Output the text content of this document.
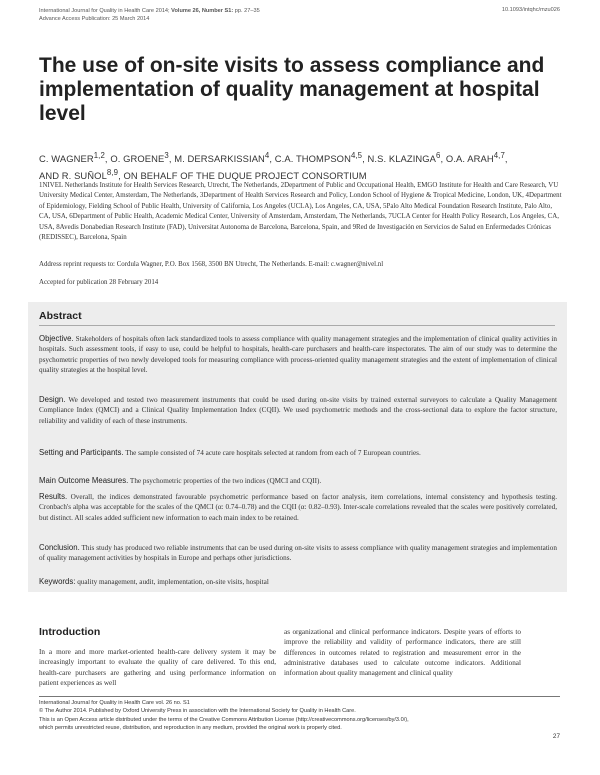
International Journal for Quality in Health Care 2014; Volume 26, Number S1: pp. 27–35
Advance Access Publication: 25 March 2014
10.1093/intqhc/mzu026
The use of on-site visits to assess compliance and implementation of quality management at hospital level
C. WAGNER$^{1,2}$, O. GROENE$^3$, M. DERSARKISSIAN$^4$, C.A. THOMPSON$^{4,5}$, N.S. KLAZINGA$^6$, O.A. ARAH$^{4,7}$,
AND R. SUÑOL$^{8,9}$, ON BEHALF OF THE DUQUE PROJECT CONSORTIUM
1NIVEL Netherlands Institute for Health Services Research, Utrecht, The Netherlands, 2Department of Public and Occupational Health, EMGO Institute for Health and Care Research, VU University Medical Center, Amsterdam, The Netherlands, 3Department of Health Services Research and Policy, London School of Hygiene & Tropical Medicine, London, UK, 4Department of Epidemiology, Fielding School of Public Health, University of California, Los Angeles (UCLA), Los Angeles, CA, USA, 5Palo Alto Medical Foundation Research Institute, Palo Alto, CA, USA, 6Department of Public Health, Academic Medical Center, University of Amsterdam, Amsterdam, The Netherlands, 7UCLA Center for Health Policy Research, Los Angeles, CA, USA, 8Avedis Donabedian Research Institute (FAD), Universitat Autonoma de Barcelona, Barcelona, Spain, and 9Red de Investigación en Servicios de Salud en Enfermedades Crónicas (REDISSEC), Barcelona, Spain
Address reprint requests to: Cordula Wagner, P.O. Box 1568, 3500 BN Utrecht, The Netherlands. E-mail: c.wagner@nivel.nl
Accepted for publication 28 February 2014
Abstract
Objective. Stakeholders of hospitals often lack standardized tools to assess compliance with quality management strategies and the implementation of clinical quality activities in hospitals. Such assessment tools, if easy to use, could be helpful to hospitals, health-care purchasers and health-care inspectorates. The aim of our study was to determine the psychometric properties of two newly developed tools for measuring compliance with process-oriented quality management strategies and the extent of implementation of clinical quality strategies at the hospital level.
Design. We developed and tested two measurement instruments that could be used during on-site visits by trained external surveyors to calculate a Quality Management Compliance Index (QMCI) and a Clinical Quality Implementation Index (CQII). We used psychometric methods and the cross-sectional data to explore the factor structure, reliability and validity of each of these instruments.
Setting and Participants. The sample consisted of 74 acute care hospitals selected at random from each of 7 European countries.
Main Outcome Measures. The psychometric properties of the two indices (QMCI and CQII).
Results. Overall, the indices demonstrated favourable psychometric performance based on factor analysis, item correlations, internal consistency and hypothesis testing. Cronbach's alpha was acceptable for the scales of the QMCI (α: 0.74–0.78) and the CQII (α: 0.82–0.93). Inter-scale correlations revealed that the scales were positively correlated, but distinct. All scales added sufficient new information to each main index to be retained.
Conclusion. This study has produced two reliable instruments that can be used during on-site visits to assess compliance with quality management strategies and implementation of quality management activities by hospitals in Europe and perhaps other jurisdictions.
Keywords: quality management, audit, implementation, on-site visits, hospital
Introduction
In a more and more market-oriented health-care delivery system it may be increasingly important to evaluate the quality of care delivered. To this end, health-care purchasers are gathering and using performance information on patient experiences as well
as organizational and clinical performance indicators. Despite years of efforts to improve the reliability and validity of performance indicators, there are still differences in outcomes related to registration and measurement error in the administrative databases used to calculate outcome indicators. Additional information about quality management and clinical quality
International Journal for Quality in Health Care vol. 26 no. S1
© The Author 2014. Published by Oxford University Press in association with the International Society for Quality in Health Care.
This is an Open Access article distributed under the terms of the Creative Commons Attribution License (http://creativecommons.org/licenses/by/3.0/),
which permits unrestricted reuse, distribution, and reproduction in any medium, provided the original work is properly cited.
27
